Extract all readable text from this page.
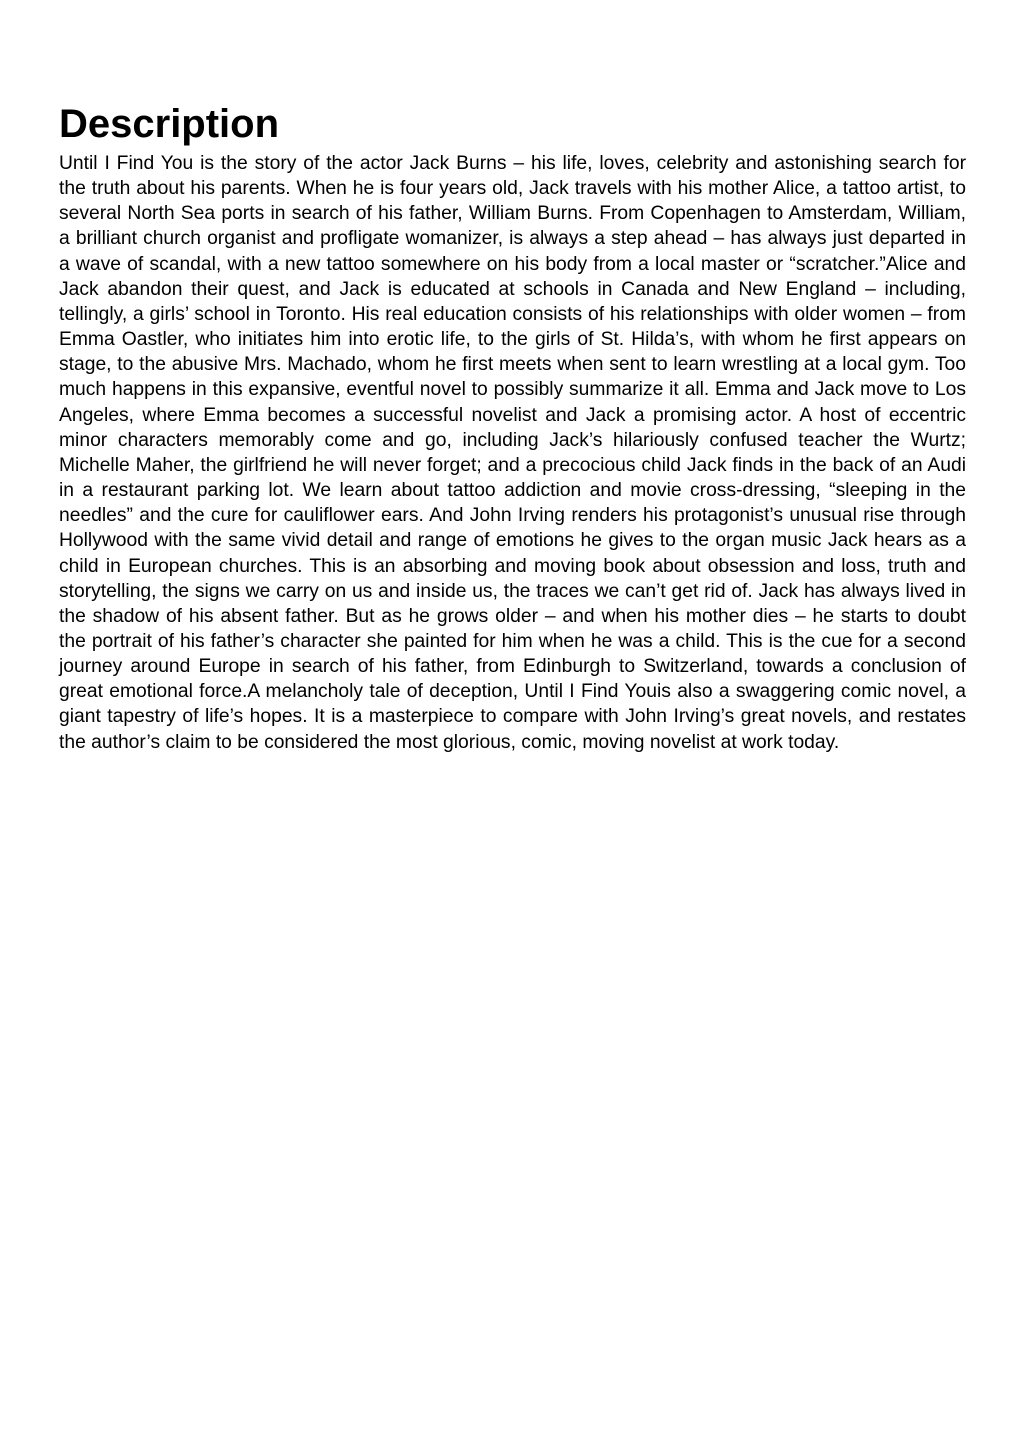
Description

Until I Find You is the story of the actor Jack Burns – his life, loves, celebrity and astonishing search for the truth about his parents. When he is four years old, Jack travels with his mother Alice, a tattoo artist, to several North Sea ports in search of his father, William Burns. From Copenhagen to Amsterdam, William, a brilliant church organist and profligate womanizer, is always a step ahead – has always just departed in a wave of scandal, with a new tattoo somewhere on his body from a local master or “scratcher.”Alice and Jack abandon their quest, and Jack is educated at schools in Canada and New England – including, tellingly, a girls’ school in Toronto. His real education consists of his relationships with older women – from Emma Oastler, who initiates him into erotic life, to the girls of St. Hilda’s, with whom he first appears on stage, to the abusive Mrs. Machado, whom he first meets when sent to learn wrestling at a local gym. Too much happens in this expansive, eventful novel to possibly summarize it all. Emma and Jack move to Los Angeles, where Emma becomes a successful novelist and Jack a promising actor. A host of eccentric minor characters memorably come and go, including Jack’s hilariously confused teacher the Wurtz; Michelle Maher, the girlfriend he will never forget; and a precocious child Jack finds in the back of an Audi in a restaurant parking lot. We learn about tattoo addiction and movie cross-dressing, “sleeping in the needles” and the cure for cauliflower ears. And John Irving renders his protagonist’s unusual rise through Hollywood with the same vivid detail and range of emotions he gives to the organ music Jack hears as a child in European churches. This is an absorbing and moving book about obsession and loss, truth and storytelling, the signs we carry on us and inside us, the traces we can’t get rid of. Jack has always lived in the shadow of his absent father. But as he grows older – and when his mother dies – he starts to doubt the portrait of his father’s character she painted for him when he was a child. This is the cue for a second journey around Europe in search of his father, from Edinburgh to Switzerland, towards a conclusion of great emotional force.A melancholy tale of deception, Until I Find Youis also a swaggering comic novel, a giant tapestry of life’s hopes. It is a masterpiece to compare with John Irving’s great novels, and restates the author’s claim to be considered the most glorious, comic, moving novelist at work today.
